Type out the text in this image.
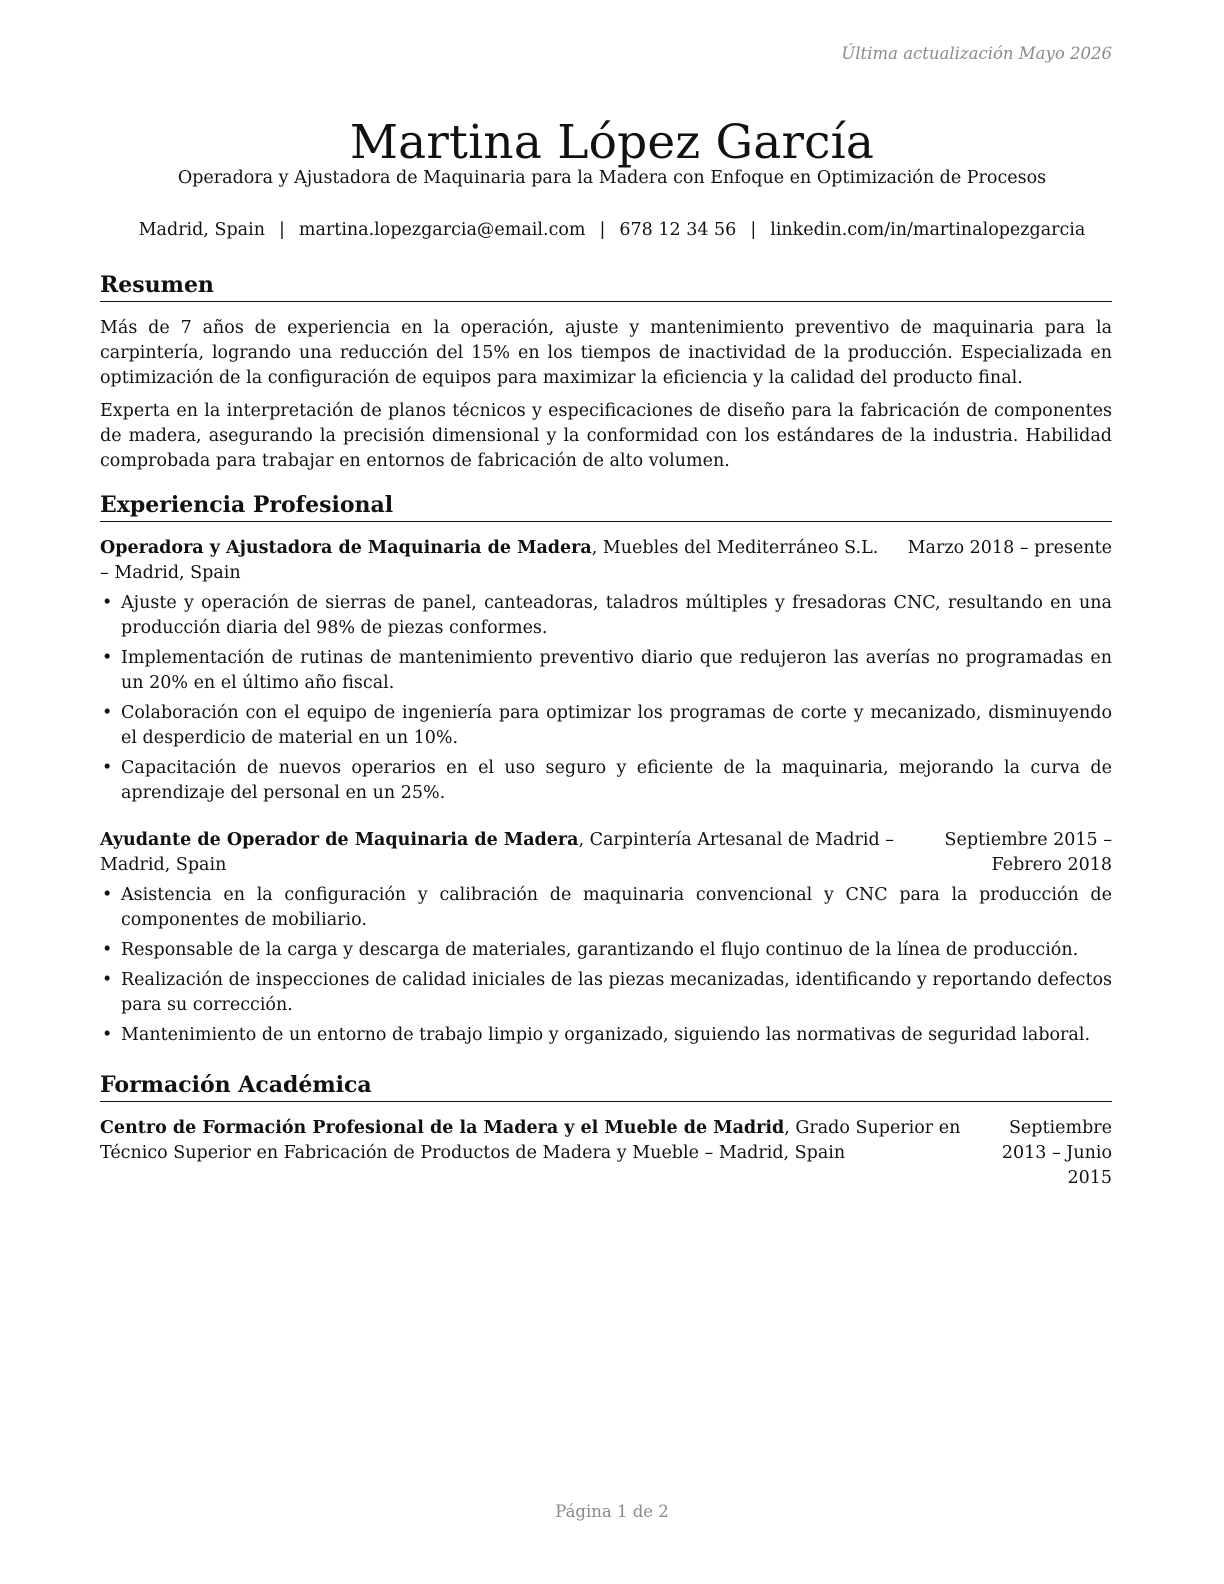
Última actualización Mayo 2026
Martina López García
Operadora y Ajustadora de Maquinaria para la Madera con Enfoque en Optimización de Procesos
Madrid, Spain | martina.lopezgarcia@email.com | 678 12 34 56 | linkedin.com/in/martinalopezgarcia
Resumen

Más de 7 años de experiencia en la operación, ajuste y mantenimiento preventivo de maquinaria para la carpintería, logrando una reducción del 15% en los tiempos de inactividad de la producción. Especializada en optimización de la configuración de equipos para maximizar la eficiencia y la calidad del producto final.

Experta en la interpretación de planos técnicos y especificaciones de diseño para la fabricación de componentes de madera, asegurando la precisión dimensional y la conformidad con los estándares de la industria. Habilidad comprobada para trabajar en entornos de fabricación de alto volumen.

Experiencia Profesional
Operadora y Ajustadora de Maquinaria de Madera, Muebles del Mediterráneo S.L. – Madrid, Spain
Marzo 2018 – presente
• Ajuste y operación de sierras de panel, canteadoras, taladros múltiples y fresadoras CNC, resultando en una producción diaria del 98% de piezas conformes.
• Implementación de rutinas de mantenimiento preventivo diario que redujeron las averías no programadas en un 20% en el último año fiscal.
• Colaboración con el equipo de ingeniería para optimizar los programas de corte y mecanizado, disminuyendo el desperdicio de material en un 10%.
• Capacitación de nuevos operarios en el uso seguro y eficiente de la maquinaria, mejorando la curva de aprendizaje del personal en un 25%.
Ayudante de Operador de Maquinaria de Madera, Carpintería Artesanal de Madrid – Madrid, Spain
Septiembre 2015 – Febrero 2018
• Asistencia en la configuración y calibración de maquinaria convencional y CNC para la producción de componentes de mobiliario.
• Responsable de la carga y descarga de materiales, garantizando el flujo continuo de la línea de producción.
• Realización de inspecciones de calidad iniciales de las piezas mecanizadas, identificando y reportando defectos para su corrección.
• Mantenimiento de un entorno de trabajo limpio y organizado, siguiendo las normativas de seguridad laboral.
Formación Académica
Centro de Formación Profesional de la Madera y el Mueble de Madrid, Grado Superior en Técnico Superior en Fabricación de Productos de Madera y Mueble – Madrid, Spain
Septiembre 2013 – Junio 2015
Página 1 de 2
